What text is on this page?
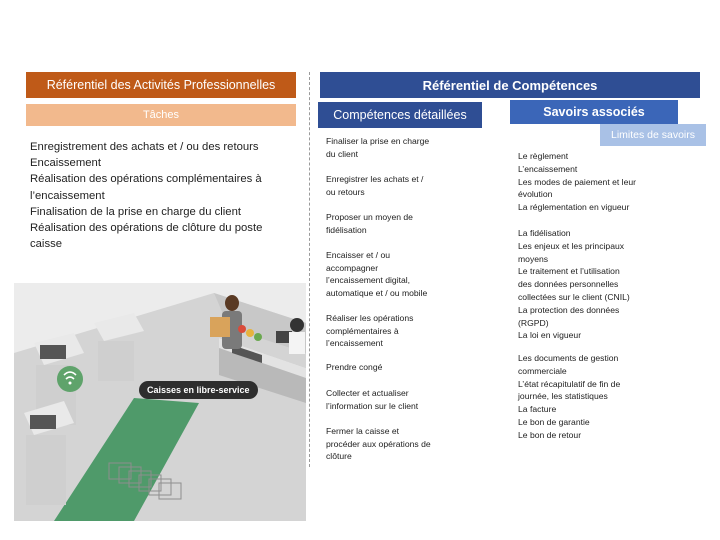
Référentiel des Activités Professionnelles
Tâches
Référentiel de Compétences
Compétences détaillées	Savoirs associés
Limites de savoirs
Enregistrement des achats et / ou des retours
Encaissement
Réalisation des opérations complémentaires à l’encaissement
Finalisation de la prise en charge du client
Réalisation des opérations de clôture du poste caisse
Finaliser la prise en charge
du client
Enregistrer les achats et /
ou retours
Proposer un moyen de
fidélisation
Encaisser et / ou
accompagner
l’encaissement digital,
automatique et / ou mobile
Réaliser les opérations
complémentaires à
l’encaissement
Prendre congé
Collecter et actualiser
l’information sur le client
Fermer la caisse et
procéder aux opérations de
clôture
Le règlement
L’encaissement
Les modes de paiement et leur
évolution
La réglementation en vigueur
La fidélisation
Les enjeux et les principaux
moyens
Le traitement et l’utilisation
des données personnelles
collectées sur le client (CNIL)
La protection des données
(RGPD)
La loi en vigueur
Les documents de gestion
commerciale
L’état récapitulatif de fin de
journée, les statistiques
La facture
Le bon de garantie
Le bon de retour
Caisses en libre-service
